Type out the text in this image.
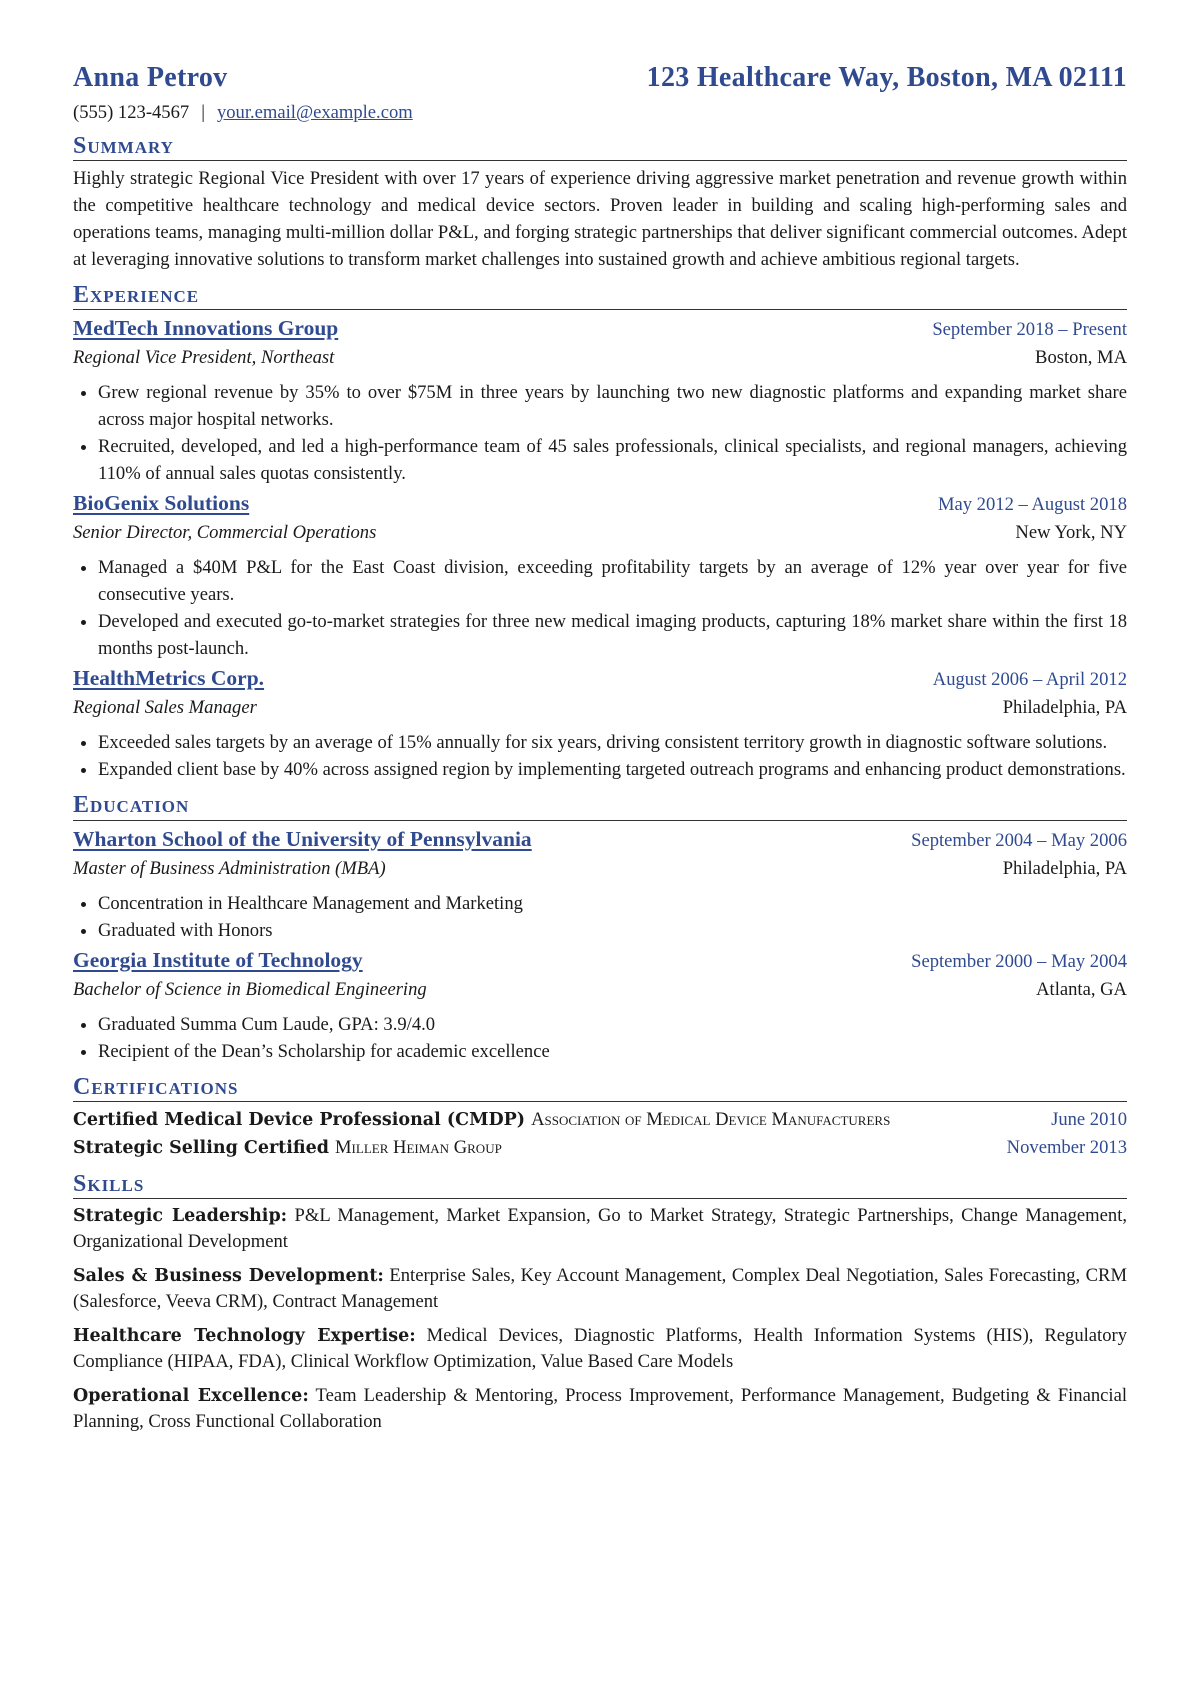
Anna Petrov	123 Healthcare Way, Boston, MA 02111
(555) 123-4567 | your.email@example.com
Summary
Highly strategic Regional Vice President with over 17 years of experience driving aggressive market penetration and revenue growth within the competitive healthcare technology and medical device sectors. Proven leader in building and scaling high-performing sales and operations teams, managing multi-million dollar P&L, and forging strategic partnerships that deliver significant commercial outcomes. Adept at leveraging innovative solutions to transform market challenges into sustained growth and achieve ambitious regional targets.
Experience
MedTech Innovations Group	September 2018 – Present
Regional Vice President, Northeast	Boston, MA
• Grew regional revenue by 35% to over $75M in three years by launching two new diagnostic platforms and expanding market share across major hospital networks.
• Recruited, developed, and led a high-performance team of 45 sales professionals, clinical specialists, and regional managers, achieving 110% of annual sales quotas consistently.
BioGenix Solutions	May 2012 – August 2018
Senior Director, Commercial Operations	New York, NY
• Managed a $40M P&L for the East Coast division, exceeding profitability targets by an average of 12% year over year for five consecutive years.
• Developed and executed go-to-market strategies for three new medical imaging products, capturing 18% market share within the first 18 months post-launch.
HealthMetrics Corp.	August 2006 – April 2012
Regional Sales Manager	Philadelphia, PA
• Exceeded sales targets by an average of 15% annually for six years, driving consistent territory growth in diagnostic software solutions.
• Expanded client base by 40% across assigned region by implementing targeted outreach programs and enhancing product demonstrations.
Education
Wharton School of the University of Pennsylvania	September 2004 – May 2006
Master of Business Administration (MBA)	Philadelphia, PA
• Concentration in Healthcare Management and Marketing
• Graduated with Honors
Georgia Institute of Technology	September 2000 – May 2004
Bachelor of Science in Biomedical Engineering	Atlanta, GA
• Graduated Summa Cum Laude, GPA: 3.9/4.0
• Recipient of the Dean’s Scholarship for academic excellence
Certifications
Certified Medical Device Professional (CMDP) Association of Medical Device Manufacturers	June 2010
Strategic Selling Certified Miller Heiman Group	November 2013
Skills
Strategic Leadership: P&L Management, Market Expansion, Go to Market Strategy, Strategic Partnerships, Change Management, Organizational Development
Sales & Business Development: Enterprise Sales, Key Account Management, Complex Deal Negotiation, Sales Forecasting, CRM (Salesforce, Veeva CRM), Contract Management
Healthcare Technology Expertise: Medical Devices, Diagnostic Platforms, Health Information Systems (HIS), Regulatory Compliance (HIPAA, FDA), Clinical Workflow Optimization, Value Based Care Models
Operational Excellence: Team Leadership & Mentoring, Process Improvement, Performance Management, Budgeting & Financial Planning, Cross Functional Collaboration
